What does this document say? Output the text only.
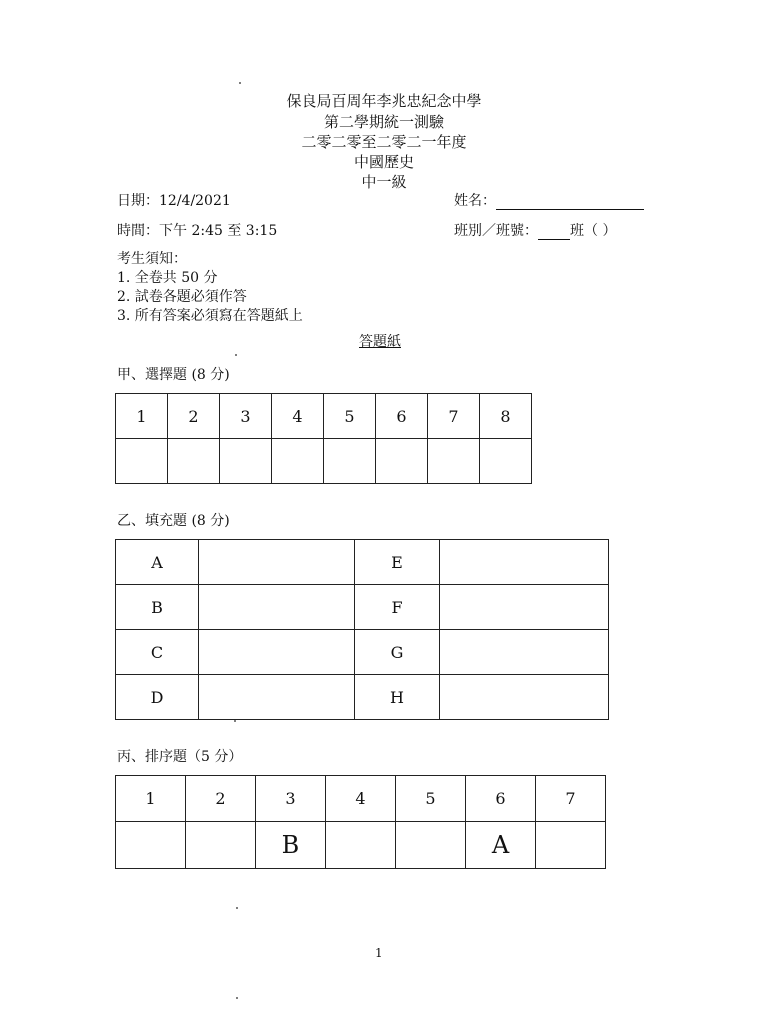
保良局百周年李兆忠紀念中學
第二學期統一測驗
二零二零至二零二一年度
中國歷史
中一級
日期：12/4/2021	姓名：
時間：下午 2:45 至 3:15	班別／班號： 班（ ）
考生須知：
1. 全卷共 50 分
2. 試卷各題必須作答
3. 所有答案必須寫在答題紙上
答題紙
甲、選擇題 (8 分)
1	2	3	4	5	6	7	8

乙、填充題 (8 分)
A		E	
B		F	
C		G	
D		H	
丙、排序題（5 分）
1	2	3	4	5	6	7
		B			A	
1
